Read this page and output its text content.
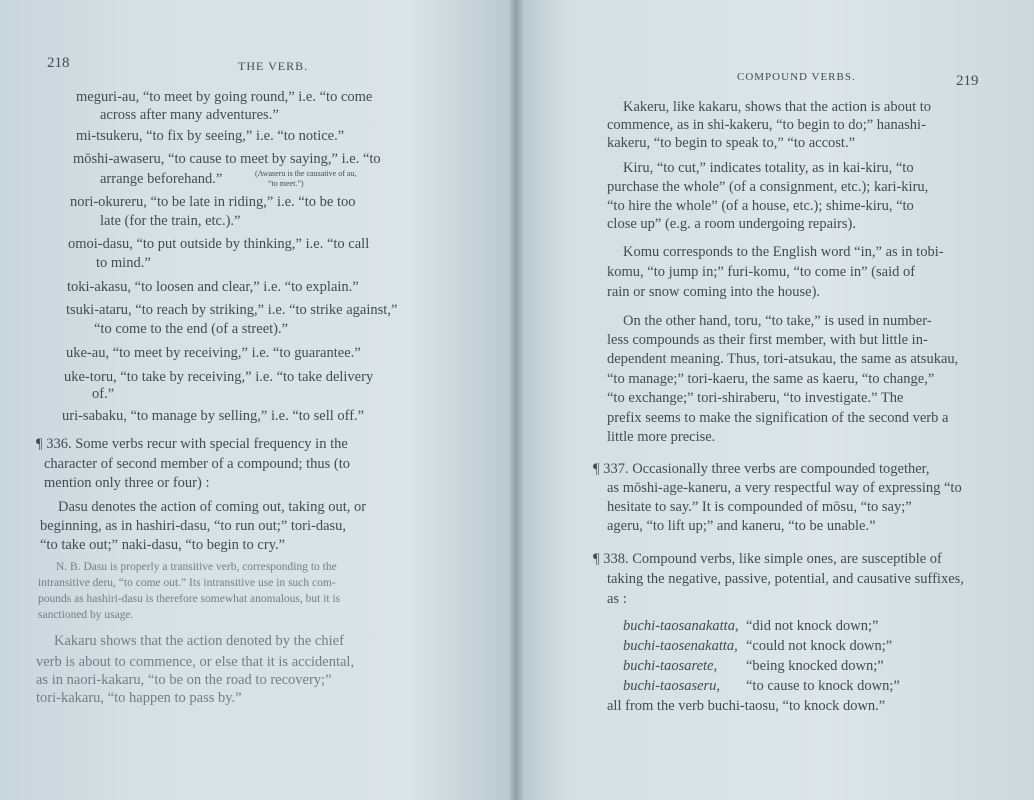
218	THE VERB.
meguri-au, “to meet by going round,” i.e. “to come
across after many adventures.”
mi-tsukeru, “to fix by seeing,” i.e. “to notice.”
mōshi-awaseru, “to cause to meet by saying,” i.e. “to
arrange beforehand.”	(Awaseru is the causative of au,
“to meet.”)
nori-okureru, “to be late in riding,” i.e. “to be too
late (for the train, etc.).”
omoi-dasu, “to put outside by thinking,” i.e. “to call
to mind.”
toki-akasu, “to loosen and clear,” i.e. “to explain.”
tsuki-ataru, “to reach by striking,” i.e. “to strike against,”
“to come to the end (of a street).”
uke-au, “to meet by receiving,” i.e. “to guarantee.”
uke-toru, “to take by receiving,” i.e. “to take delivery
of.”
uri-sabaku, “to manage by selling,” i.e. “to sell off.”
¶ 336. Some verbs recur with special frequency in the
character of second member of a compound; thus (to
mention only three or four) :
Dasu denotes the action of coming out, taking out, or
beginning, as in hashiri-dasu, “to run out;” tori-dasu,
“to take out;” naki-dasu, “to begin to cry.”
N. B. Dasu is properly a transitive verb, corresponding to the
intransitive deru, “to come out.” Its intransitive use in such com-
pounds as hashiri-dasu is therefore somewhat anomalous, but it is
sanctioned by usage.
Kakaru shows that the action denoted by the chief
verb is about to commence, or else that it is accidental,
as in naori-kakaru, “to be on the road to recovery;”
tori-kakaru, “to happen to pass by.”
COMPOUND VERBS.	219
Kakeru, like kakaru, shows that the action is about to
commence, as in shi-kakeru, “to begin to do;” hanashi-
kakeru, “to begin to speak to,” “to accost.”
Kiru, “to cut,” indicates totality, as in kai-kiru, “to
purchase the whole” (of a consignment, etc.); kari-kiru,
“to hire the whole” (of a house, etc.); shime-kiru, “to
close up” (e.g. a room undergoing repairs).
Komu corresponds to the English word “in,” as in tobi-
komu, “to jump in;” furi-komu, “to come in” (said of
rain or snow coming into the house).
On the other hand, toru, “to take,” is used in number-
less compounds as their first member, with but little in-
dependent meaning. Thus, tori-atsukau, the same as atsukau,
“to manage;” tori-kaeru, the same as kaeru, “to change,”
“to exchange;” tori-shiraberu, “to investigate.” The
prefix seems to make the signification of the second verb a
little more precise.
¶ 337. Occasionally three verbs are compounded together,
as mōshi-age-kaneru, a very respectful way of expressing “to
hesitate to say.” It is compounded of mōsu, “to say;”
ageru, “to lift up;” and kaneru, “to be unable.”
¶ 338. Compound verbs, like simple ones, are susceptible of
taking the negative, passive, potential, and causative suffixes,
as :
buchi-taosanakatta, “did not knock down;”
buchi-taosenakatta, “could not knock down;”
buchi-taosarete, “being knocked down;”
buchi-taosaseru, “to cause to knock down;”
all from the verb buchi-taosu, “to knock down.”
